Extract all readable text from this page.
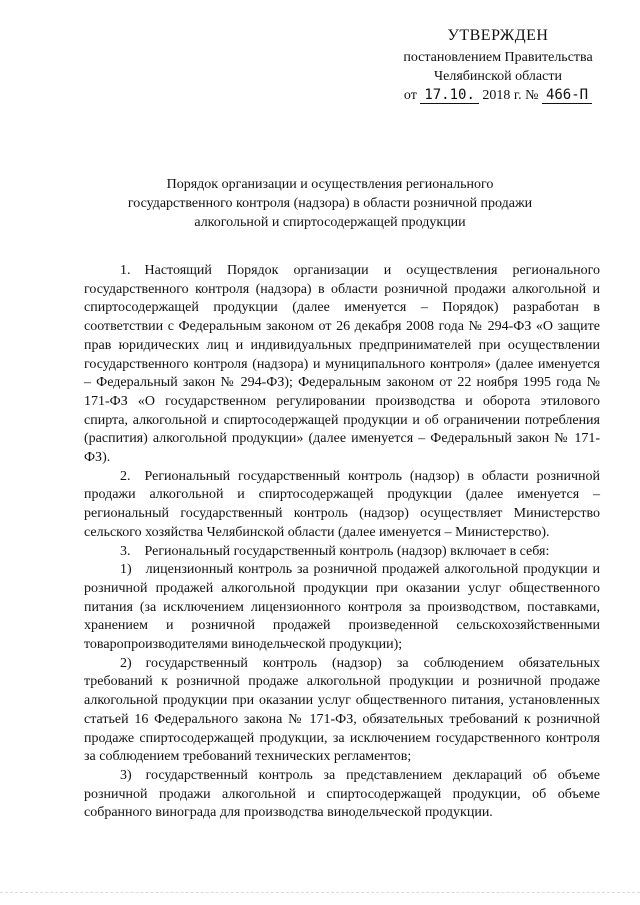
УТВЕРЖДЕН
постановлением Правительства
Челябинской области
от 17.10. 2018 г. № 466-П
Порядок организации и осуществления регионального
государственного контроля (надзора) в области розничной продажи
алкогольной и спиртосодержащей продукции

1. Настоящий Порядок организации и осуществления регионального государственного контроля (надзора) в области розничной продажи алкогольной и спиртосодержащей продукции (далее именуется – Порядок) разработан в соответствии с Федеральным законом от 26 декабря 2008 года № 294-ФЗ «О защите прав юридических лиц и индивидуальных предпринимателей при осуществлении государственного контроля (надзора) и муниципального контроля» (далее именуется – Федеральный закон № 294-ФЗ); Федеральным законом от 22 ноября 1995 года № 171-ФЗ «О государственном регулировании производства и оборота этилового спирта, алкогольной и спиртосодержащей продукции и об ограничении потребления (распития) алкогольной продукции» (далее именуется – Федеральный закон № 171-ФЗ).

2. Региональный государственный контроль (надзор) в области розничной продажи алкогольной и спиртосодержащей продукции (далее именуется – региональный государственный контроль (надзор) осуществляет Министерство сельского хозяйства Челябинской области (далее именуется – Министерство).

3. Региональный государственный контроль (надзор) включает в себя:

1) лицензионный контроль за розничной продажей алкогольной продукции и розничной продажей алкогольной продукции при оказании услуг общественного питания (за исключением лицензионного контроля за производством, поставками, хранением и розничной продажей произведенной сельскохозяйственными товаропроизводителями винодельческой продукции);

2) государственный контроль (надзор) за соблюдением обязательных требований к розничной продаже алкогольной продукции и розничной продаже алкогольной продукции при оказании услуг общественного питания, установленных статьей 16 Федерального закона № 171-ФЗ, обязательных требований к розничной продаже спиртосодержащей продукции, за исключением государственного контроля за соблюдением требований технических регламентов;

3) государственный контроль за представлением деклараций об объеме розничной продажи алкогольной и спиртосодержащей продукции, об объеме собранного винограда для производства винодельческой продукции.
